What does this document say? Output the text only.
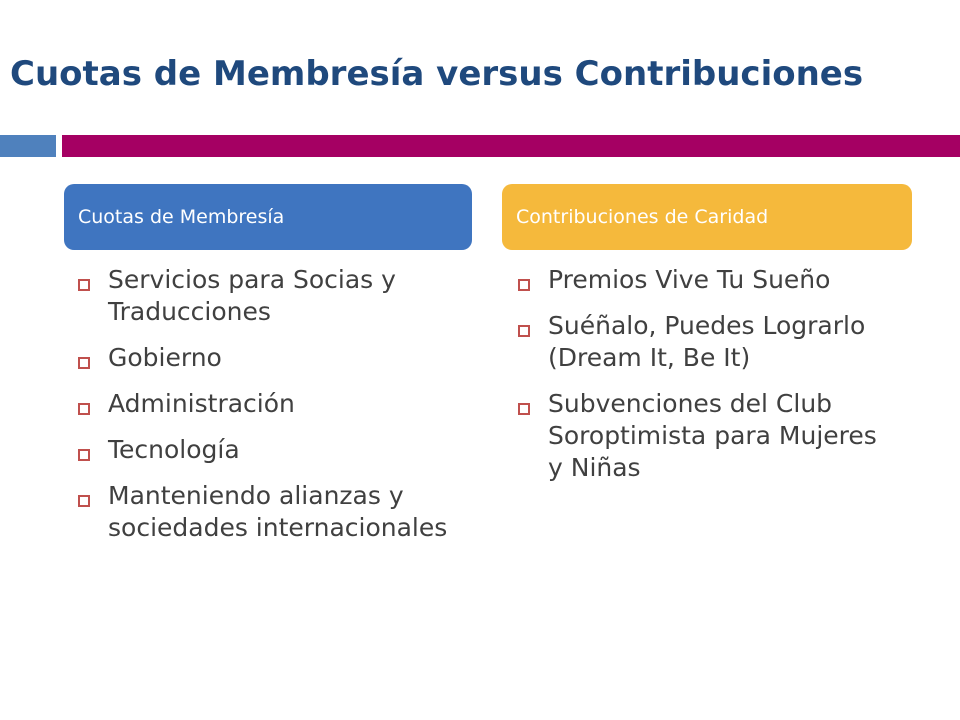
Cuotas de Membresía versus Contribuciones
Cuotas de Membresía	Contribuciones de Caridad
Servicios para Socias y Traducciones
Gobierno
Administración
Tecnología
Manteniendo alianzas y sociedades internacionales
Premios Vive Tu Sueño
Suéñalo, Puedes Lograrlo (Dream It, Be It)
Subvenciones del Club Soroptimista para Mujeres y Niñas
